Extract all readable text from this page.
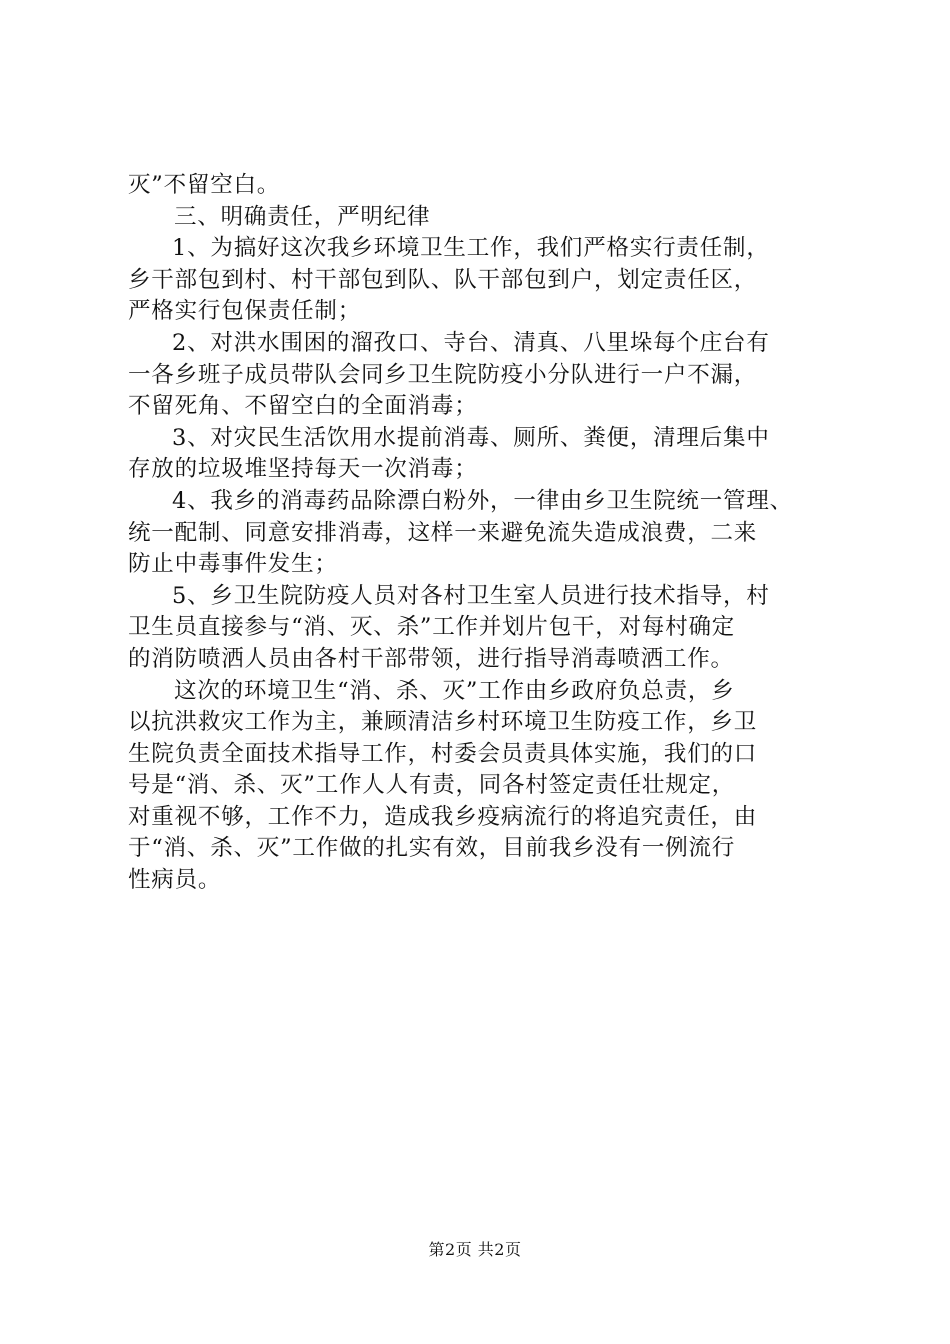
灭”不留空白。
三、明确责任，严明纪律
1、为搞好这次我乡环境卫生工作，我们严格实行责任制，
乡干部包到村、村干部包到队、队干部包到户，划定责任区，
严格实行包保责任制；
2、对洪水围困的溜孜口、寺台、清真、八里垛每个庄台有
一各乡班子成员带队会同乡卫生院防疫小分队进行一户不漏，
不留死角、不留空白的全面消毒；
3、对灾民生活饮用水提前消毒、厕所、粪便，清理后集中
存放的垃圾堆坚持每天一次消毒；
4、我乡的消毒药品除漂白粉外，一律由乡卫生院统一管理、
统一配制、同意安排消毒，这样一来避免流失造成浪费，二来
防止中毒事件发生；
5、乡卫生院防疫人员对各村卫生室人员进行技术指导，村
卫生员直接参与“消、灭、杀”工作并划片包干，对每村确定
的消防喷洒人员由各村干部带领，进行指导消毒喷洒工作。
这次的环境卫生“消、杀、灭”工作由乡政府负总责，乡
以抗洪救灾工作为主，兼顾清洁乡村环境卫生防疫工作，乡卫
生院负责全面技术指导工作，村委会员责具体实施，我们的口
号是“消、杀、灭”工作人人有责，同各村签定责任壮规定，
对重视不够，工作不力，造成我乡疫病流行的将追究责任，由
于“消、杀、灭”工作做的扎实有效，目前我乡没有一例流行
性病员。
第2页 共2页
